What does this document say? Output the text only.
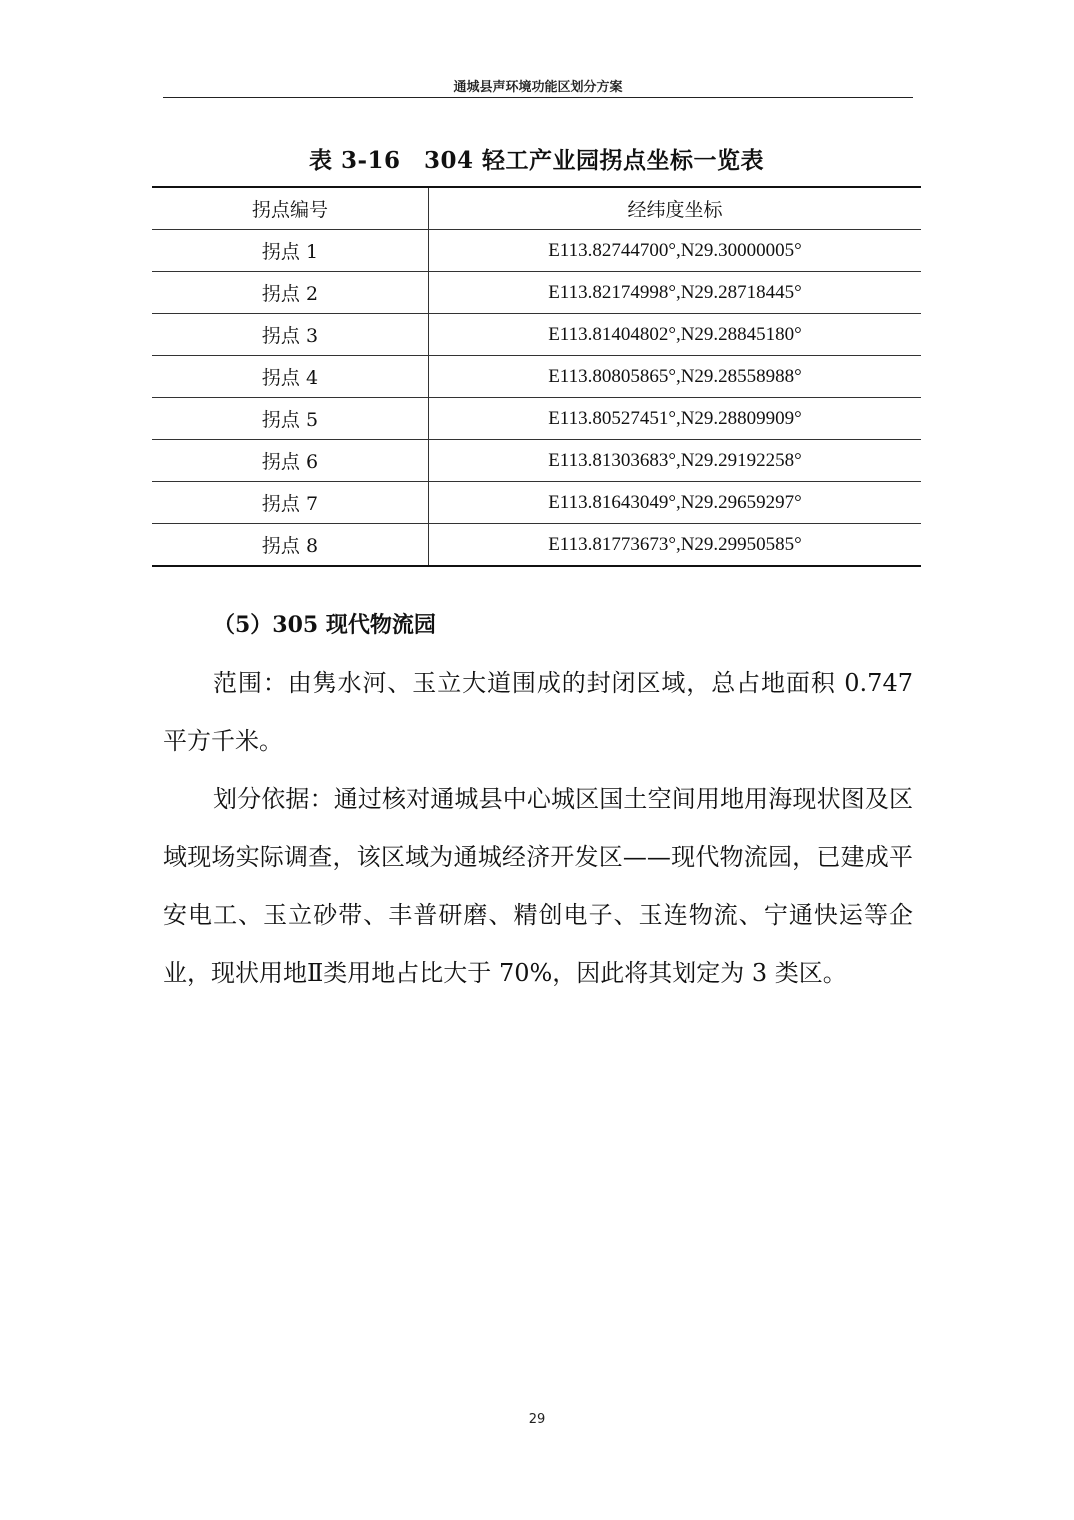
通城县声环境功能区划分方案
表 3-16　304 轻工产业园拐点坐标一览表
拐点编号	经纬度坐标
拐点 1	E113.82744700°,N29.30000005°
拐点 2	E113.82174998°,N29.28718445°
拐点 3	E113.81404802°,N29.28845180°
拐点 4	E113.80805865°,N29.28558988°
拐点 5	E113.80527451°,N29.28809909°
拐点 6	E113.81303683°,N29.29192258°
拐点 7	E113.81643049°,N29.29659297°
拐点 8	E113.81773673°,N29.29950585°
（5）305 现代物流园

范围：由隽水河、玉立大道围成的封闭区域，总占地面积 0.747 平方千米。

划分依据：通过核对通城县中心城区国土空间用地用海现状图及区域现场实际调查，该区域为通城经济开发区——现代物流园，已建成平安电工、玉立砂带、丰普研磨、精创电子、玉连物流、宁通快运等企业，现状用地Ⅱ类用地占比大于 70%，因此将其划定为 3 类区。

29
